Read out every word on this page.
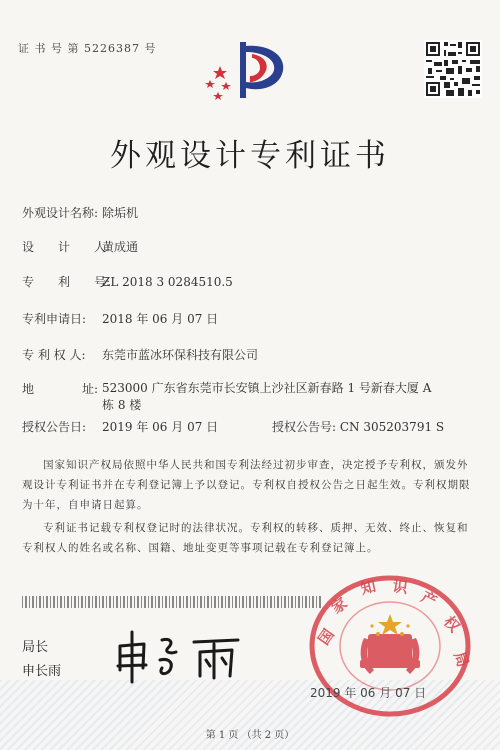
证 书 号 第 5226387 号
外观设计专利证书
外观设计名称: 除垢机
设　　计　　人:黄成通
专　　利　　号:ZL 2018 3 0284510.5
专利申请日: 2018 年 06 月 07 日
专 利 权 人: 东莞市蓝冰环保科技有限公司
地　　　　址: 523000 广东省东莞市长安镇上沙社区新春路 1 号新春大厦 A 栋 8 楼
授权公告日: 2019 年 06 月 07 日	授权公告号: CN 305203791 S
国家知识产权局依照中华人民共和国专利法经过初步审查，决定授予专利权，颁发外观设计专利证书并在专利登记簿上予以登记。专利权自授权公告之日起生效。专利权期限为十年，自申请日起算。
专利证书记载专利权登记时的法律状况。专利权的转移、质押、无效、终止、恢复和专利权人的姓名或名称、国籍、地址变更等事项记载在专利登记簿上。
局长
申长雨
国
家
知 识
产
权
局
2019 年 06 月 07 日
第 1 页 （共 2 页）
